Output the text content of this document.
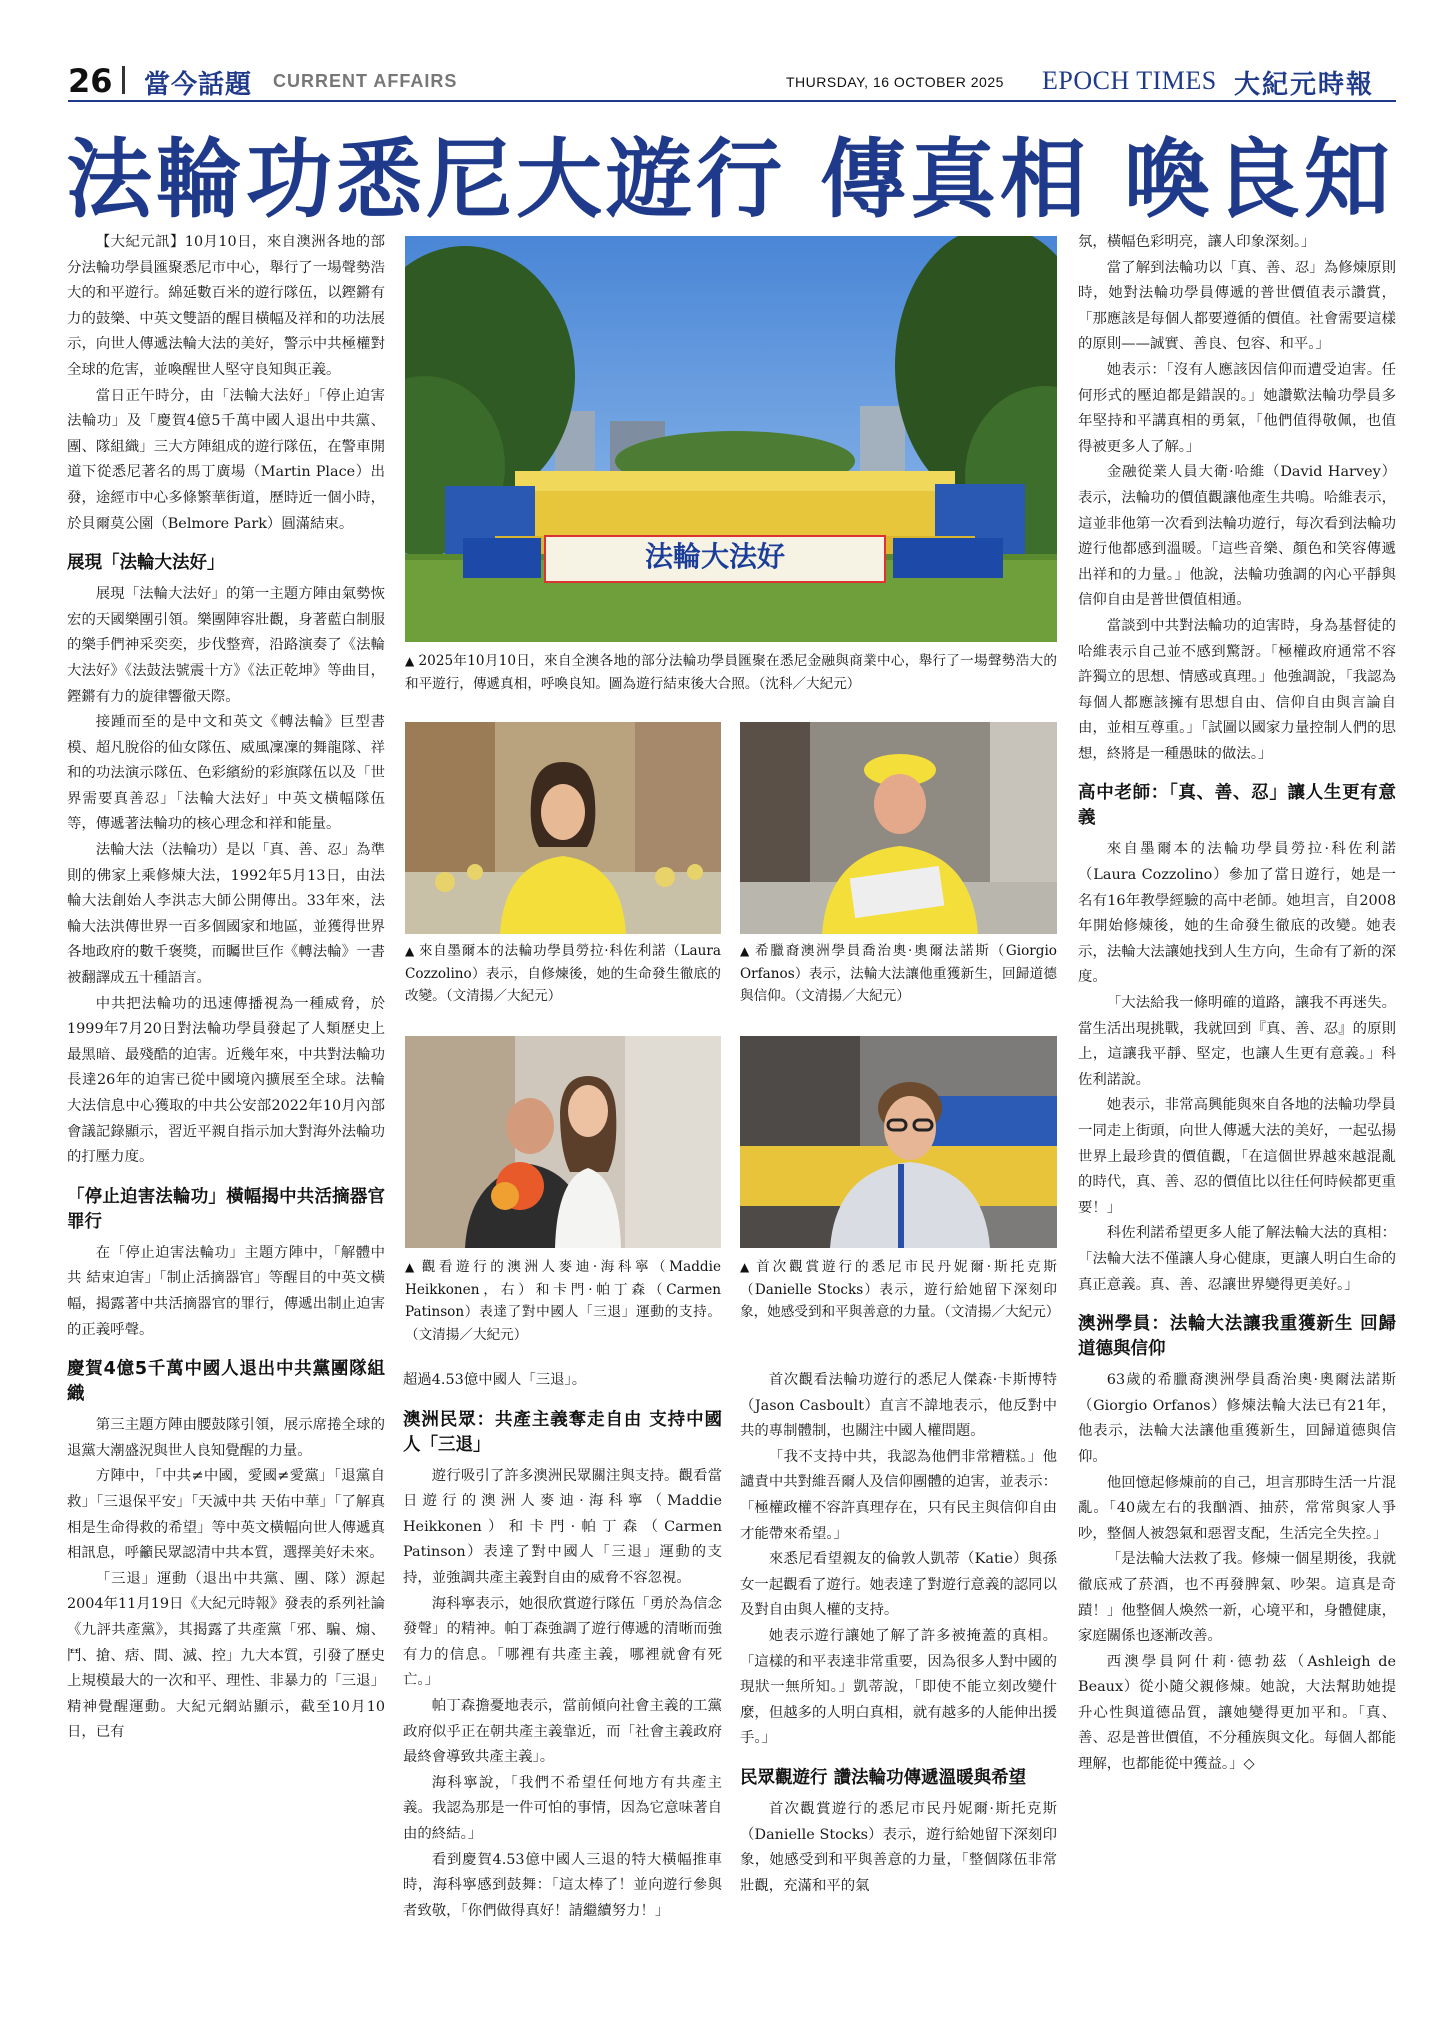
26 當今話題 CURRENT AFFAIRS	THURSDAY, 16 OCTOBER 2025 EPOCH TIMES 大紀元時報
法輪功悉尼大遊行 傳真相 喚良知

【大紀元訊】10月10日，來自澳洲各地的部分法輪功學員匯聚悉尼市中心，舉行了一場聲勢浩大的和平遊行。綿延數百米的遊行隊伍，以鏗鏘有力的鼓樂、中英文雙語的醒目橫幅及祥和的功法展示，向世人傳遞法輪大法的美好，警示中共極權對全球的危害，並喚醒世人堅守良知與正義。

當日正午時分，由「法輪大法好」「停止迫害法輪功」及「慶賀4億5千萬中國人退出中共黨、團、隊組織」三大方陣組成的遊行隊伍，在警車開道下從悉尼著名的馬丁廣場（Martin Place）出發，途經市中心多條繁華街道，歷時近一個小時，於貝爾莫公園（Belmore Park）圓滿結束。

展現「法輪大法好」

展現「法輪大法好」的第一主題方陣由氣勢恢宏的天國樂團引領。樂團陣容壯觀，身著藍白制服的樂手們神采奕奕，步伐整齊，沿路演奏了《法輪大法好》《法鼓法號震十方》《法正乾坤》等曲目，鏗鏘有力的旋律響徹天際。

接踵而至的是中文和英文《轉法輪》巨型書模、超凡脫俗的仙女隊伍、威風凜凜的舞龍隊、祥和的功法演示隊伍、色彩繽紛的彩旗隊伍以及「世界需要真善忍」「法輪大法好」中英文橫幅隊伍等，傳遞著法輪功的核心理念和祥和能量。

法輪大法（法輪功）是以「真、善、忍」為準則的佛家上乘修煉大法，1992年5月13日，由法輪大法創始人李洪志大師公開傳出。33年來，法輪大法洪傳世界一百多個國家和地區，並獲得世界各地政府的數千褒獎，而矚世巨作《轉法輪》一書被翻譯成五十種語言。

中共把法輪功的迅速傳播視為一種威脅，於1999年7月20日對法輪功學員發起了人類歷史上最黑暗、最殘酷的迫害。近幾年來，中共對法輪功長達26年的迫害已從中國境內擴展至全球。法輪大法信息中心獲取的中共公安部2022年10月內部會議記錄顯示，習近平親自指示加大對海外法輪功的打壓力度。

「停止迫害法輪功」橫幅揭中共活摘器官罪行

在「停止迫害法輪功」主題方陣中，「解體中共 結束迫害」「制止活摘器官」等醒目的中英文橫幅，揭露著中共活摘器官的罪行，傳遞出制止迫害的正義呼聲。

慶賀4億5千萬中國人退出中共黨團隊組織

第三主題方陣由腰鼓隊引領，展示席捲全球的退黨大潮盛況與世人良知覺醒的力量。

方陣中，「中共≠中國，愛國≠愛黨」「退黨自救」「三退保平安」「天滅中共 天佑中華」「了解真相是生命得救的希望」等中英文橫幅向世人傳遞真相訊息，呼籲民眾認清中共本質，選擇美好未來。

「三退」運動（退出中共黨、團、隊）源起2004年11月19日《大紀元時報》發表的系列社論《九評共產黨》，其揭露了共產黨「邪、騙、煽、鬥、搶、痞、間、滅、控」九大本質，引發了歷史上規模最大的一次和平、理性、非暴力的「三退」精神覺醒運動。大紀元網站顯示，截至10月10日，已有

法輪大法好
▲ 2025年10月10日，來自全澳各地的部分法輪功學員匯聚在悉尼金融與商業中心，舉行了一場聲勢浩大的和平遊行，傳遞真相，呼喚良知。圖為遊行結束後大合照。（沈科／大紀元）
▲ 來自墨爾本的法輪功學員勞拉·科佐利諾（Laura Cozzolino）表示，自修煉後，她的生命發生徹底的改變。（文清揚／大紀元）
▲ 希臘裔澳洲學員喬治奧·奧爾法諾斯（Giorgio Orfanos）表示，法輪大法讓他重獲新生，回歸道德與信仰。（文清揚／大紀元）
▲ 觀看遊行的澳洲人麥迪·海科寧（Maddie Heikkonen，右）和卡門·帕丁森（Carmen Patinson）表達了對中國人「三退」運動的支持。（文清揚／大紀元）
▲ 首次觀賞遊行的悉尼市民丹妮爾·斯托克斯（Danielle Stocks）表示，遊行給她留下深刻印象，她感受到和平與善意的力量。（文清揚／大紀元）

超過4.53億中國人「三退」。

澳洲民眾：共產主義奪走自由 支持中國人「三退」

遊行吸引了許多澳洲民眾關注與支持。觀看當日遊行的澳洲人麥迪·海科寧（Maddie Heikkonen）和卡門·帕丁森（Carmen Patinson）表達了對中國人「三退」運動的支持，並強調共產主義對自由的威脅不容忽視。

海科寧表示，她很欣賞遊行隊伍「勇於為信念發聲」的精神。帕丁森強調了遊行傳遞的清晰而強有力的信息。「哪裡有共產主義，哪裡就會有死亡。」

帕丁森擔憂地表示，當前傾向社會主義的工黨政府似乎正在朝共產主義靠近，而「社會主義政府最終會導致共產主義」。

海科寧說，「我們不希望任何地方有共產主義。我認為那是一件可怕的事情，因為它意味著自由的終結。」

看到慶賀4.53億中國人三退的特大橫幅推車時，海科寧感到鼓舞：「這太棒了！並向遊行參與者致敬，「你們做得真好！請繼續努力！」

首次觀看法輪功遊行的悉尼人傑森·卡斯博特（Jason Casboult）直言不諱地表示，他反對中共的專制體制，也關注中國人權問題。

「我不支持中共，我認為他們非常糟糕。」他譴責中共對維吾爾人及信仰團體的迫害，並表示：「極權政權不容許真理存在，只有民主與信仰自由才能帶來希望。」

來悉尼看望親友的倫敦人凱蒂（Katie）與孫女一起觀看了遊行。她表達了對遊行意義的認同以及對自由與人權的支持。

她表示遊行讓她了解了許多被掩蓋的真相。「這樣的和平表達非常重要，因為很多人對中國的現狀一無所知。」凱蒂說，「即使不能立刻改變什麼，但越多的人明白真相，就有越多的人能伸出援手。」

民眾觀遊行 讚法輪功傳遞溫暖與希望

首次觀賞遊行的悉尼市民丹妮爾·斯托克斯（Danielle Stocks）表示，遊行給她留下深刻印象，她感受到和平與善意的力量，「整個隊伍非常壯觀，充滿和平的氣

氛，橫幅色彩明亮，讓人印象深刻。」

當了解到法輪功以「真、善、忍」為修煉原則時，她對法輪功學員傳遞的普世價值表示讚賞，「那應該是每個人都要遵循的價值。社會需要這樣的原則——誠實、善良、包容、和平。」

她表示：「沒有人應該因信仰而遭受迫害。任何形式的壓迫都是錯誤的。」她讚歎法輪功學員多年堅持和平講真相的勇氣，「他們值得敬佩，也值得被更多人了解。」

金融從業人員大衛·哈維（David Harvey）表示，法輪功的價值觀讓他產生共鳴。哈維表示，這並非他第一次看到法輪功遊行，每次看到法輪功遊行他都感到溫暖。「這些音樂、顏色和笑容傳遞出祥和的力量。」他說，法輪功強調的內心平靜與信仰自由是普世價值相通。

當談到中共對法輪功的迫害時，身為基督徒的哈維表示自己並不感到驚訝。「極權政府通常不容許獨立的思想、情感或真理。」他強調說，「我認為每個人都應該擁有思想自由、信仰自由與言論自由，並相互尊重。」「試圖以國家力量控制人們的思想，終將是一種愚昧的做法。」

高中老師：「真、善、忍」讓人生更有意義

來自墨爾本的法輪功學員勞拉·科佐利諾（Laura Cozzolino）參加了當日遊行，她是一名有16年教學經驗的高中老師。她坦言，自2008年開始修煉後，她的生命發生徹底的改變。她表示，法輪大法讓她找到人生方向，生命有了新的深度。

「大法給我一條明確的道路，讓我不再迷失。當生活出現挑戰，我就回到『真、善、忍』的原則上，這讓我平靜、堅定，也讓人生更有意義。」科佐利諾說。

她表示，非常高興能與來自各地的法輪功學員一同走上街頭，向世人傳遞大法的美好，一起弘揚世界上最珍貴的價值觀，「在這個世界越來越混亂的時代，真、善、忍的價值比以往任何時候都更重要！」

科佐利諾希望更多人能了解法輪大法的真相：「法輪大法不僅讓人身心健康，更讓人明白生命的真正意義。真、善、忍讓世界變得更美好。」

澳洲學員：法輪大法讓我重獲新生 回歸道德與信仰

63歲的希臘裔澳洲學員喬治奧·奧爾法諾斯（Giorgio Orfanos）修煉法輪大法已有21年，他表示，法輪大法讓他重獲新生，回歸道德與信仰。

他回憶起修煉前的自己，坦言那時生活一片混亂。「40歲左右的我酗酒、抽菸，常常與家人爭吵，整個人被怨氣和惡習支配，生活完全失控。」

「是法輪大法救了我。修煉一個星期後，我就徹底戒了菸酒，也不再發脾氣、吵架。這真是奇蹟！」他整個人煥然一新，心境平和，身體健康，家庭關係也逐漸改善。

西澳學員阿什莉·德勃茲（Ashleigh de Beaux）從小隨父親修煉。她說，大法幫助她提升心性與道德品質，讓她變得更加平和。「真、善、忍是普世價值，不分種族與文化。每個人都能理解，也都能從中獲益。」◇
